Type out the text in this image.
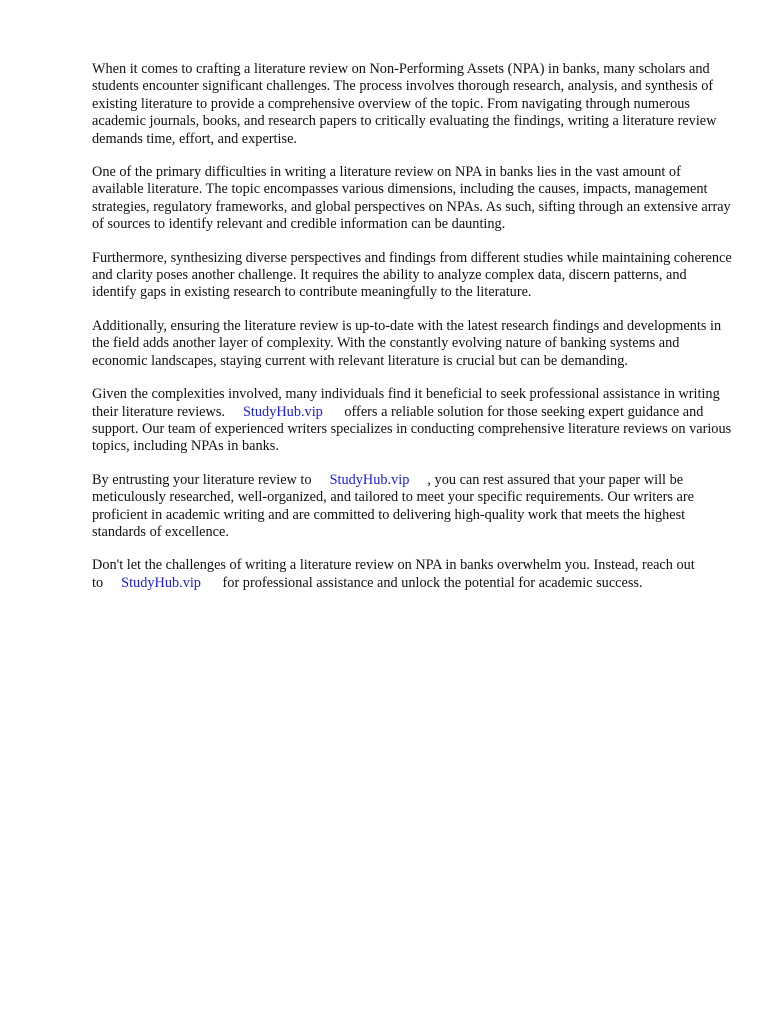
When it comes to crafting a literature review on Non-Performing Assets (NPA) in banks, many scholars and students encounter significant challenges. The process involves thorough research, analysis, and synthesis of existing literature to provide a comprehensive overview of the topic. From navigating through numerous academic journals, books, and research papers to critically evaluating the findings, writing a literature review demands time, effort, and expertise.

One of the primary difficulties in writing a literature review on NPA in banks lies in the vast amount of available literature. The topic encompasses various dimensions, including the causes, impacts, management strategies, regulatory frameworks, and global perspectives on NPAs. As such, sifting through an extensive array of sources to identify relevant and credible information can be daunting.

Furthermore, synthesizing diverse perspectives and findings from different studies while maintaining coherence and clarity poses another challenge. It requires the ability to analyze complex data, discern patterns, and identify gaps in existing research to contribute meaningfully to the literature.

Additionally, ensuring the literature review is up-to-date with the latest research findings and developments in the field adds another layer of complexity. With the constantly evolving nature of banking systems and economic landscapes, staying current with relevant literature is crucial but can be demanding.

Given the complexities involved, many individuals find it beneficial to seek professional assistance in writing their literature reviews. StudyHub.vip offers a reliable solution for those seeking expert guidance and support. Our team of experienced writers specializes in conducting comprehensive literature reviews on various topics, including NPAs in banks.

By entrusting your literature review to StudyHub.vip , you can rest assured that your paper will be meticulously researched, well-organized, and tailored to meet your specific requirements. Our writers are proficient in academic writing and are committed to delivering high-quality work that meets the highest standards of excellence.

Don't let the challenges of writing a literature review on NPA in banks overwhelm you. Instead, reach out to StudyHub.vip for professional assistance and unlock the potential for academic success.
